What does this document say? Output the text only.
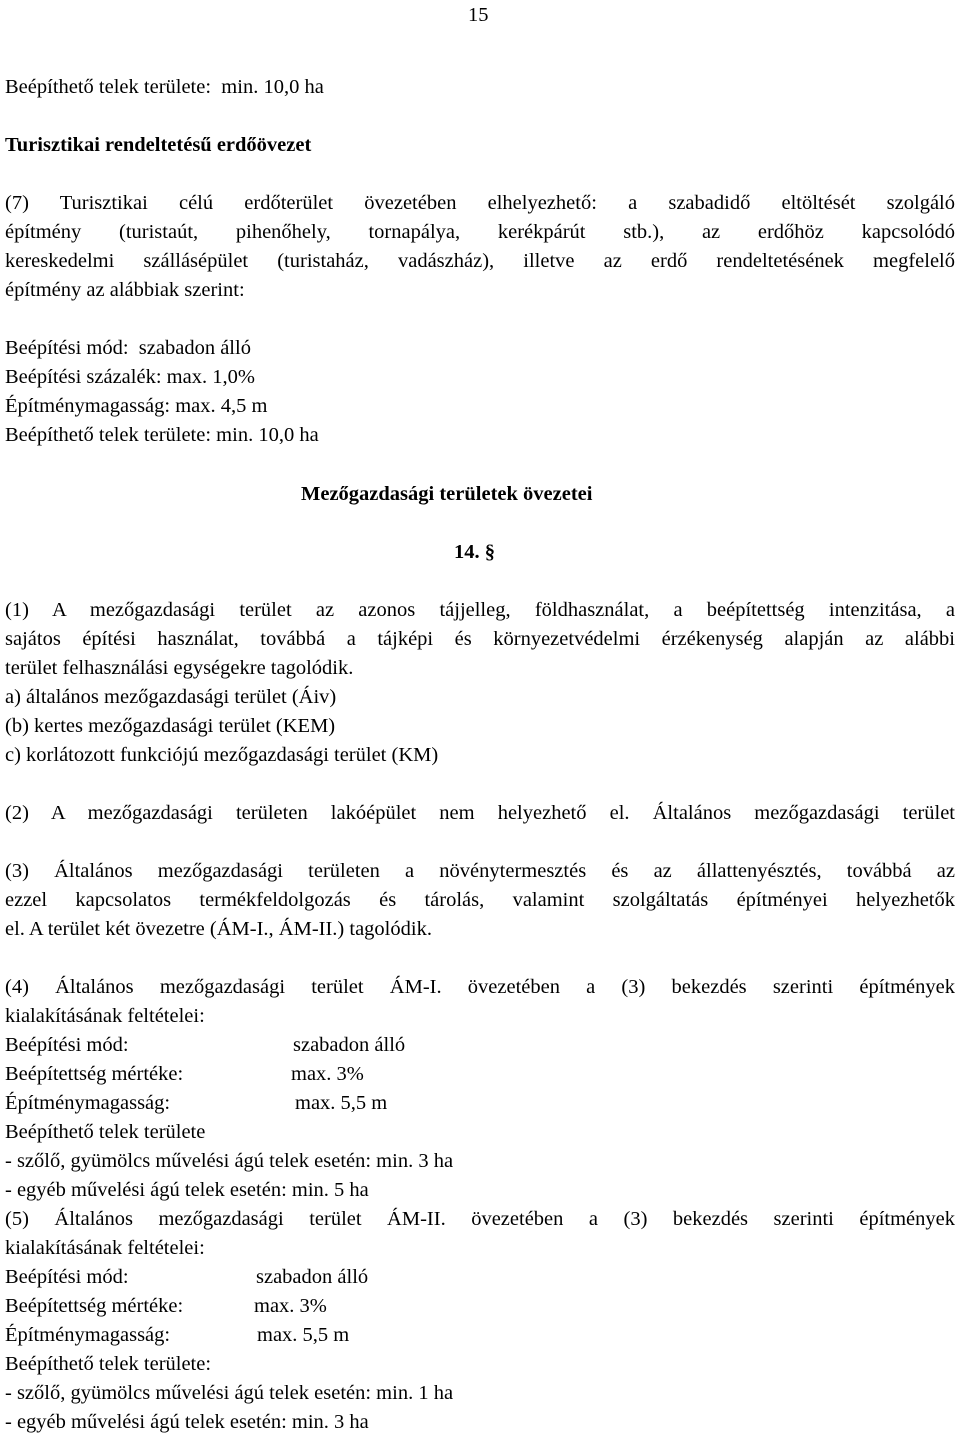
15
Beépíthető telek területe:  min. 10,0 ha
Turisztikai rendeltetésű erdőövezet
(7) Turisztikai célú erdőterület övezetében elhelyezhető: a szabadidő eltöltését szolgáló
építmény (turistaút, pihenőhely, tornapálya, kerékpárút stb.), az erdőhöz kapcsolódó
kereskedelmi szállásépület (turistaház, vadászház), illetve az erdő rendeltetésének megfelelő
építmény az alábbiak szerint:
Beépítési mód:  szabadon álló
Beépítési százalék: max. 1,0%
Építménymagasság: max. 4,5 m
Beépíthető telek területe: min. 10,0 ha
Mezőgazdasági területek övezetei
14. §
(1) A mezőgazdasági terület az azonos tájjelleg, földhasználat, a beépítettség intenzitása, a
sajátos építési használat, továbbá a tájképi és környezetvédelmi érzékenység alapján az alábbi
terület felhasználási egységekre tagolódik.
a) általános mezőgazdasági terület (Áiv)
(b) kertes mezőgazdasági terület (KEM)
c) korlátozott funkciójú mezőgazdasági terület (KM)
(2) A mezőgazdasági területen lakóépület nem helyezhető el. Általános mezőgazdasági terület
(3) Általános mezőgazdasági területen a növénytermesztés és az állattenyésztés, továbbá az
ezzel kapcsolatos termékfeldolgozás és tárolás, valamint szolgáltatás építményei helyezhetők
el. A terület két övezetre (ÁM-I., ÁM-II.) tagolódik.
(4) Általános mezőgazdasági terület ÁM-I. övezetében a (3) bekezdés szerinti építmények
kialakításának feltételei:
Beépítési mód:	szabadon álló
Beépítettség mértéke:	max. 3%
Építménymagasság:	max. 5,5 m
Beépíthető telek területe
- szőlő, gyümölcs művelési ágú telek esetén: min. 3 ha
- egyéb művelési ágú telek esetén: min. 5 ha
(5) Általános mezőgazdasági terület ÁM-II. övezetében a (3) bekezdés szerinti építmények
kialakításának feltételei:
Beépítési mód:	szabadon álló
Beépítettség mértéke:	max. 3%
Építménymagasság:	max. 5,5 m
Beépíthető telek területe:
- szőlő, gyümölcs művelési ágú telek esetén: min. 1 ha
- egyéb művelési ágú telek esetén: min. 3 ha
